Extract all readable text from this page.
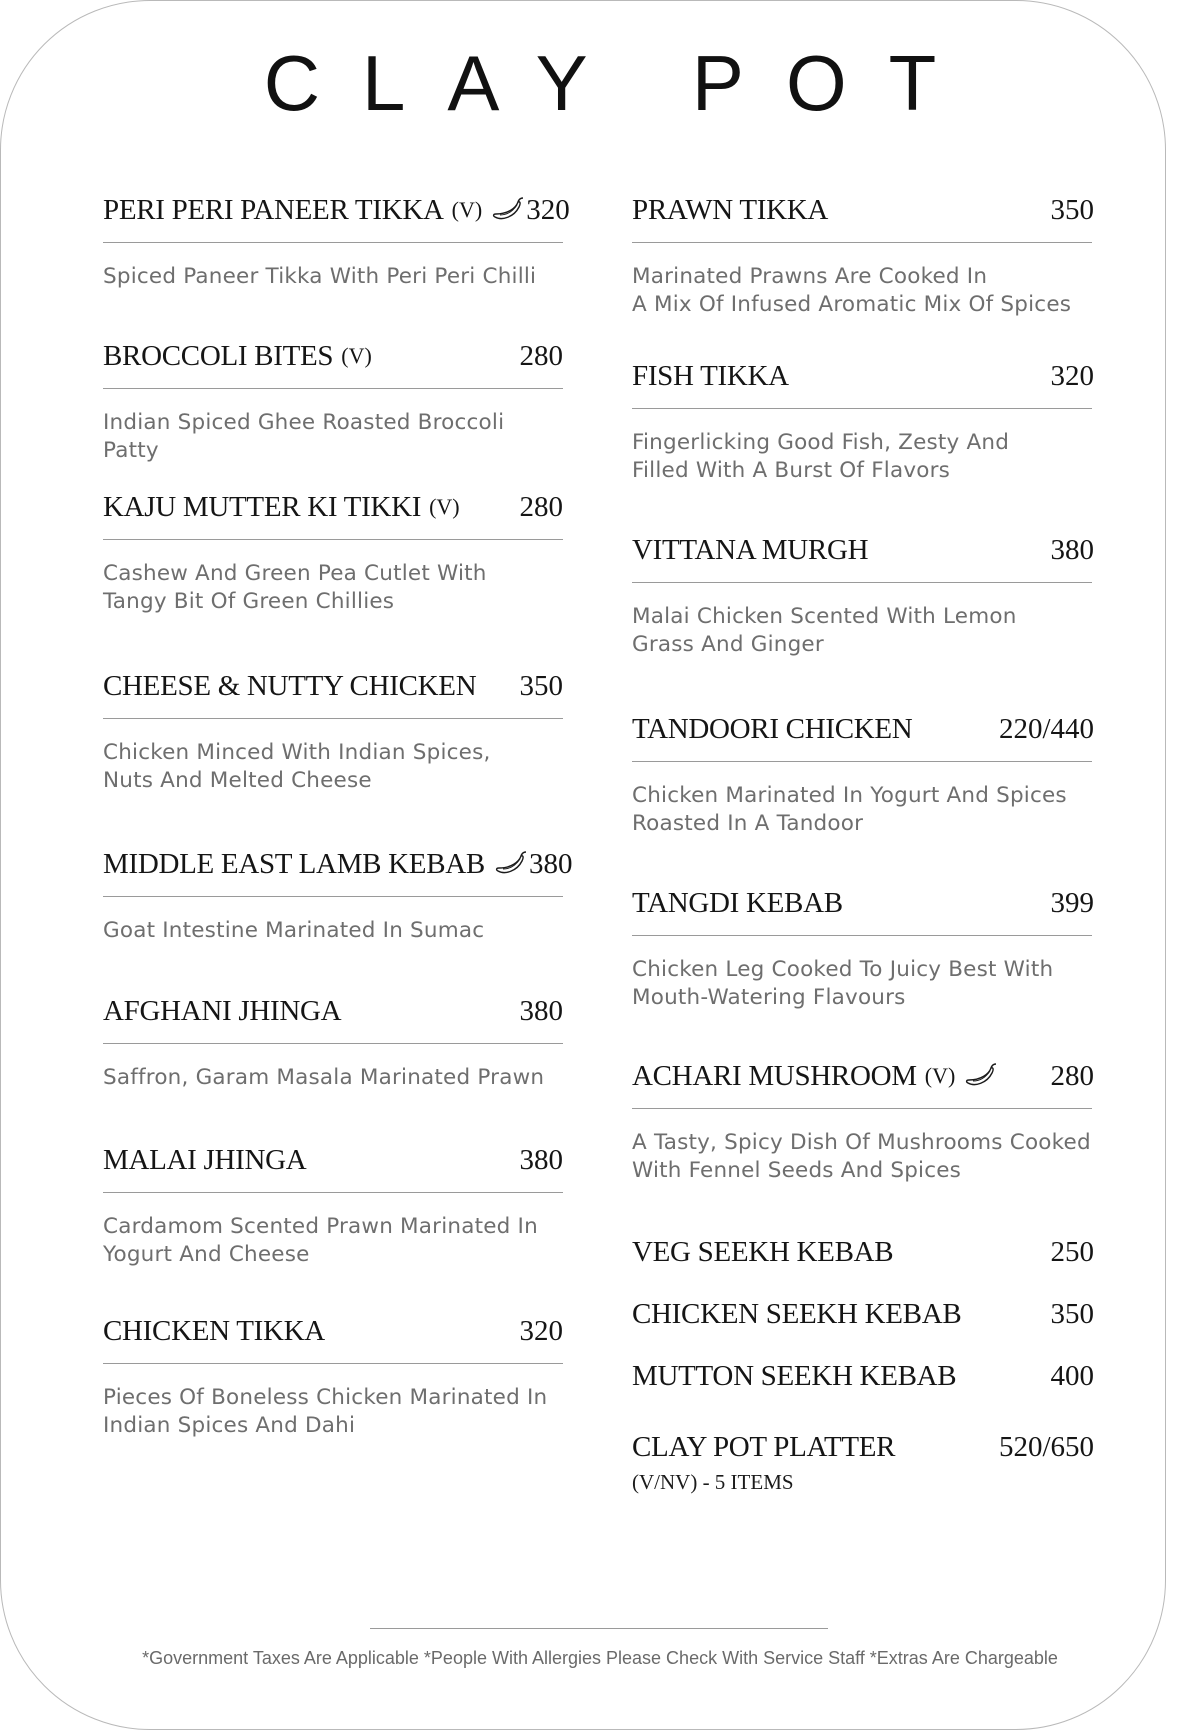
CLAY POT
PERI PERI PANEER TIKKA (V) 320
Spiced Paneer Tikka With Peri Peri Chilli
BROCCOLI BITES (V)	280
Indian Spiced Ghee Roasted Broccoli Patty
KAJU MUTTER KI TIKKI (V) 280
Cashew And Green Pea Cutlet With
Tangy Bit Of Green Chillies
CHEESE & NUTTY CHICKEN 350
Chicken Minced With Indian Spices,
Nuts And Melted Cheese
MIDDLE EAST LAMB KEBAB 380
Goat Intestine Marinated In Sumac
AFGHANI JHINGA	380
Saffron, Garam Masala Marinated Prawn
MALAI JHINGA	380
Cardamom Scented Prawn Marinated In
Yogurt And Cheese
CHICKEN TIKKA	320
Pieces Of Boneless Chicken Marinated In
Indian Spices And Dahi
PRAWN TIKKA	350
Marinated Prawns Are Cooked In
A Mix Of Infused Aromatic Mix Of Spices
FISH TIKKA	320
Fingerlicking Good Fish, Zesty And
Filled With A Burst Of Flavors
VITTANA MURGH	380
Malai Chicken Scented With Lemon
Grass And Ginger
TANDOORI CHICKEN	220/440
Chicken Marinated In Yogurt And Spices
Roasted In A Tandoor
TANGDI KEBAB	399
Chicken Leg Cooked To Juicy Best With
Mouth-Watering Flavours
ACHARI MUSHROOM (V)	280
A Tasty, Spicy Dish Of Mushrooms Cooked
With Fennel Seeds And Spices
VEG SEEKH KEBAB	250
CHICKEN SEEKH KEBAB	350
MUTTON SEEKH KEBAB	400
CLAY POT PLATTER	520/650
(V/NV) - 5 ITEMS
*Government Taxes Are Applicable *People With Allergies Please Check With Service Staff *Extras Are Chargeable
